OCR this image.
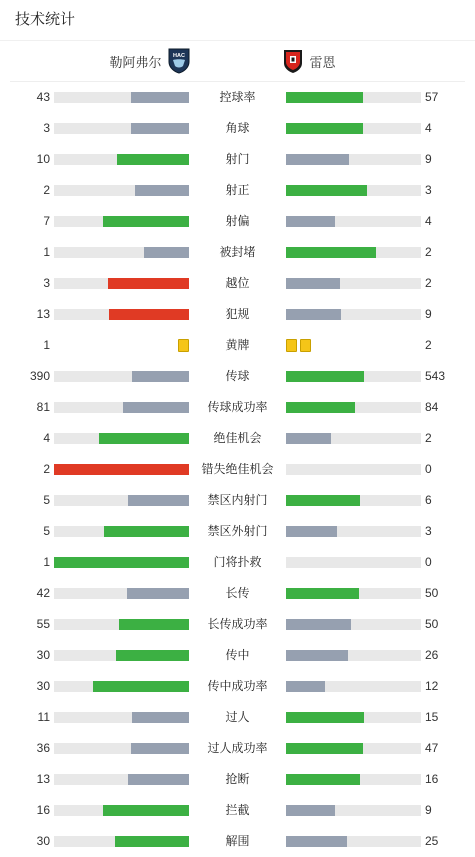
技术统计
勒阿弗尔 HAC	雷恩
43	控球率	57
3	角球	4
10	射门	9
2	射正	3
7	射偏	4
1	被封堵	2
3	越位	2
13	犯规	9
1	黄牌	2
390	传球	543
81	传球成功率	84
4	绝佳机会	2
2	错失绝佳机会	0
5	禁区内射门	6
5	禁区外射门	3
1	门将扑救	0
42	长传	50
55	长传成功率	50
30	传中	26
30	传中成功率	12
11	过人	15
36	过人成功率	47
13	抢断	16
16	拦截	9
30	解围	25
